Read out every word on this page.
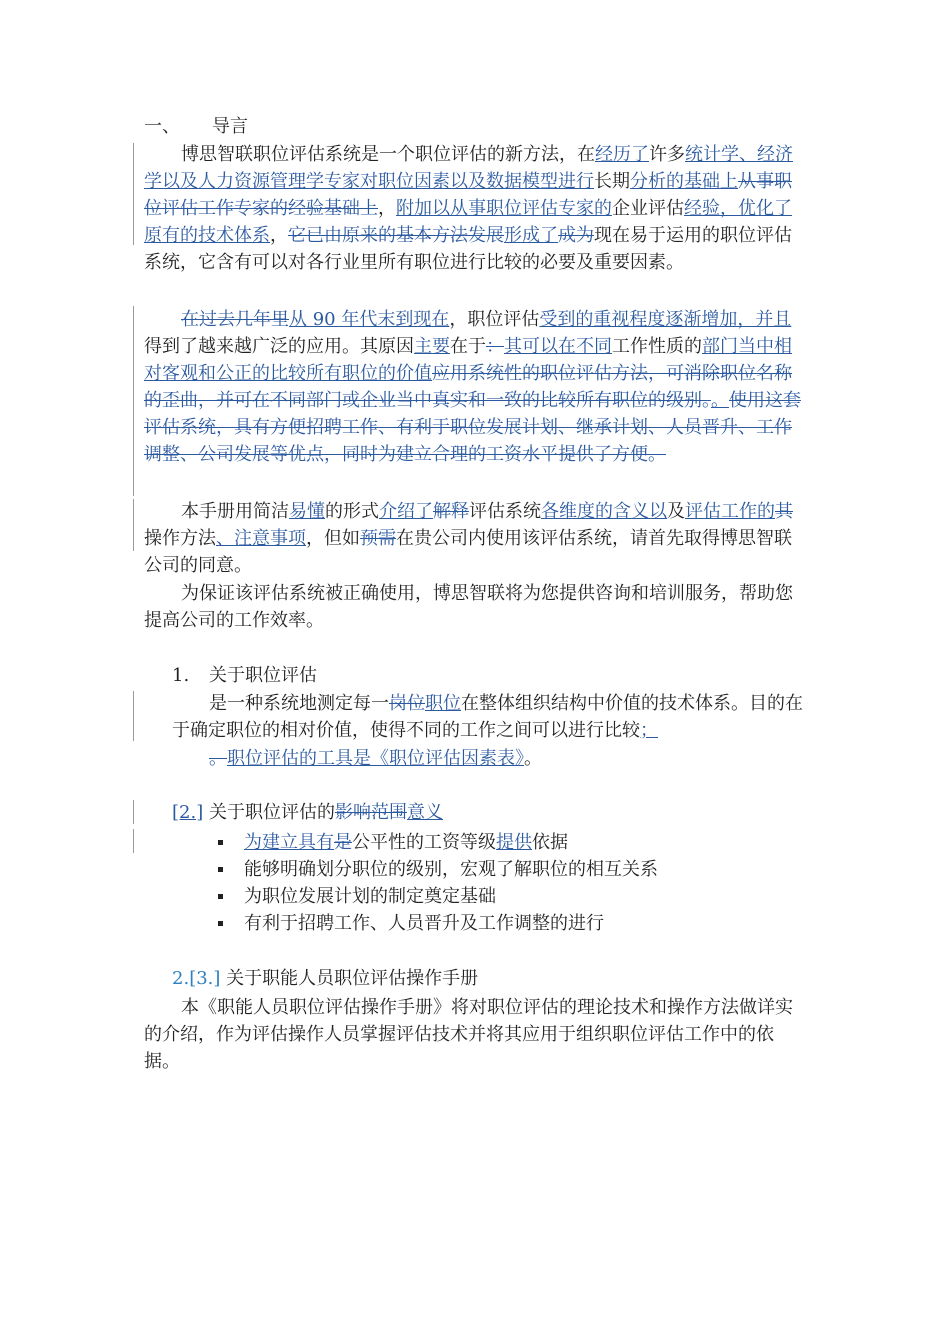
一、 导言
博思智联职位评估系统是一个职位评估的新方法，在经历了许多统计学、经济学以及人力资源管理学专家对职位因素以及数据模型进行长期分析的基础上从事职位评估工作专家的经验基础上，附加以从事职位评估专家的企业评估经验，优化了原有的技术体系，它已由原来的基本方法发展形成了成为现在易于运用的职位评估系统，它含有可以对各行业里所有职位进行比较的必要及重要因素。
在过去几年里从 90 年代末到现在，职位评估受到的重视程度逐渐增加，并且得到了越来越广泛的应用。其原因主要在于：其可以在不同工作性质的部门当中相对客观和公正的比较所有职位的价值应用系统性的职位评估方法，可消除职位名称的歪曲，并可在不同部门或企业当中真实和一致的比较所有职位的级别。。使用这套评估系统，具有方便招聘工作、有利于职位发展计划、继承计划、人员晋升、工作调整、公司发展等优点，同时为建立合理的工资水平提供了方便。
本手册用简洁易懂的形式介绍了解释评估系统各维度的含义以及评估工作的其操作方法、注意事项，但如预需在贵公司内使用该评估系统，请首先取得博思智联公司的同意。
为保证该评估系统被正确使用，博思智联将为您提供咨询和培训服务，帮助您提高公司的工作效率。
1. 关于职位评估
是一种系统地测定每一岗位职位在整体组织结构中价值的技术体系。目的在于确定职位的相对价值，使得不同的工作之间可以进行比较；
。职位评估的工具是《职位评估因素表》。
[2.] 关于职位评估的影响范围意义
为建立具有是公平性的工资等级提供依据
能够明确划分职位的级别，宏观了解职位的相互关系
为职位发展计划的制定奠定基础
有利于招聘工作、人员晋升及工作调整的进行
2.[3.] 关于职能人员职位评估操作手册
本《职能人员职位评估操作手册》将对职位评估的理论技术和操作方法做详实的介绍，作为评估操作人员掌握评估技术并将其应用于组织职位评估工作中的依据。
